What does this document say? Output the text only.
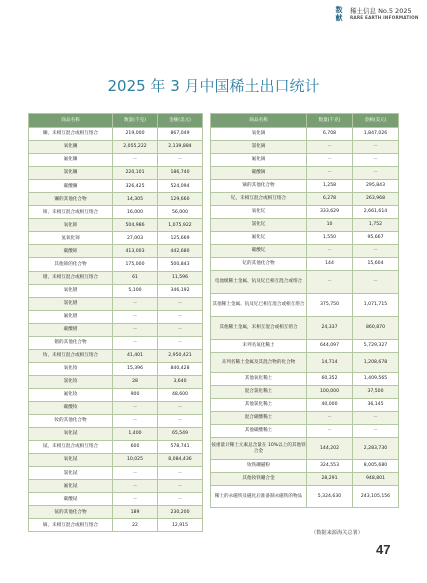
数
献
稀土信息 No.5 2025
RARE EARTH INFORMATION
2025 年 3 月中国稀土出口统计
商品名称	数量(千克)	金额(美元)
镧，未相互混合或相互熔合	219,000	867,049
氧化镧	2,055,222	2,139,884
氟化镧	－	－
氯化镧	220,101	186,740
碳酸镧	326,425	524,094
镧的其他化合物	14,305	129,660
铈，未相互混合或相互熔合	16,000	56,000
氧化铈	504,986	1,075,922
氢氧化铈	27,003	125,669
碳酸铈	413,003	442,680
其他铈的化合物	175,000	500,843
镨，未相互混合或相互熔合	61	11,596
氧化镨	5,100	346,192
氯化镨	－	－
氟化镨	－	－
碳酸镨	－	－
镨的其他化合物	－	－
钕，未相互混合或相互熔合	41,401	2,950,421
氧化钕	15,396	840,428
氯化钕	28	3,640
氟化钕	900	48,600
碳酸钕	－	－
钕的其他化合物	－	－
氧化铽	1,400	65,549
铽，未相互混合或相互熔合	600	578,741
氧化铽	10,025	8,084,436
氯化铽	－	－
氟化铽	－	－
碳酸铽	－	－
铽的其他化合物	189	230,200
镝，未相互混合或相互熔合	22	12,915
商品名称	数量(千克)	金额(美元)
氧化镝	6,708	1,847,026
氯化镝	－	－
氟化镝	－	－
碳酸镝	－	－
镝的其他化合物	1,258	295,843
钇，未相互混合或相互熔合	6,278	263,968
氧化钇	333,629	2,661,614
氯化钇	10	1,752
氟化钇	1,550	95,667
碳酸钇	－	－
钇的其他化合物	144	15,604
电池级稀土金属、钪及钇已相互混合或熔合	－	－
其他稀土金属、钪及钇已相互混合或相互熔合	375,750	1,071,715
其他稀土金属，未相互混合或相互熔合	24,337	860,870
未列名氧化稀土	644,097	5,729,327
未列名稀土金属及其混合物的化合物	14,714	1,208,678
其他氧化稀土	60,352	1,409,565
混合氯化稀土	100,000	37,500
其他氯化稀土	40,000	36,145
混合碳酸稀土	－	－
其他碳酸稀土	－	－
按重量计稀土元素总含量在 10%以上的其他铁合金	144,202	2,283,730
钕铁硼磁粉	324,553	8,005,680
其他钕铁硼合金	28,291	948,801
稀土的永磁铁及磁化后准备制永磁铁的物品	5,324,630	243,105,156
（数据来源海关总署）
47
